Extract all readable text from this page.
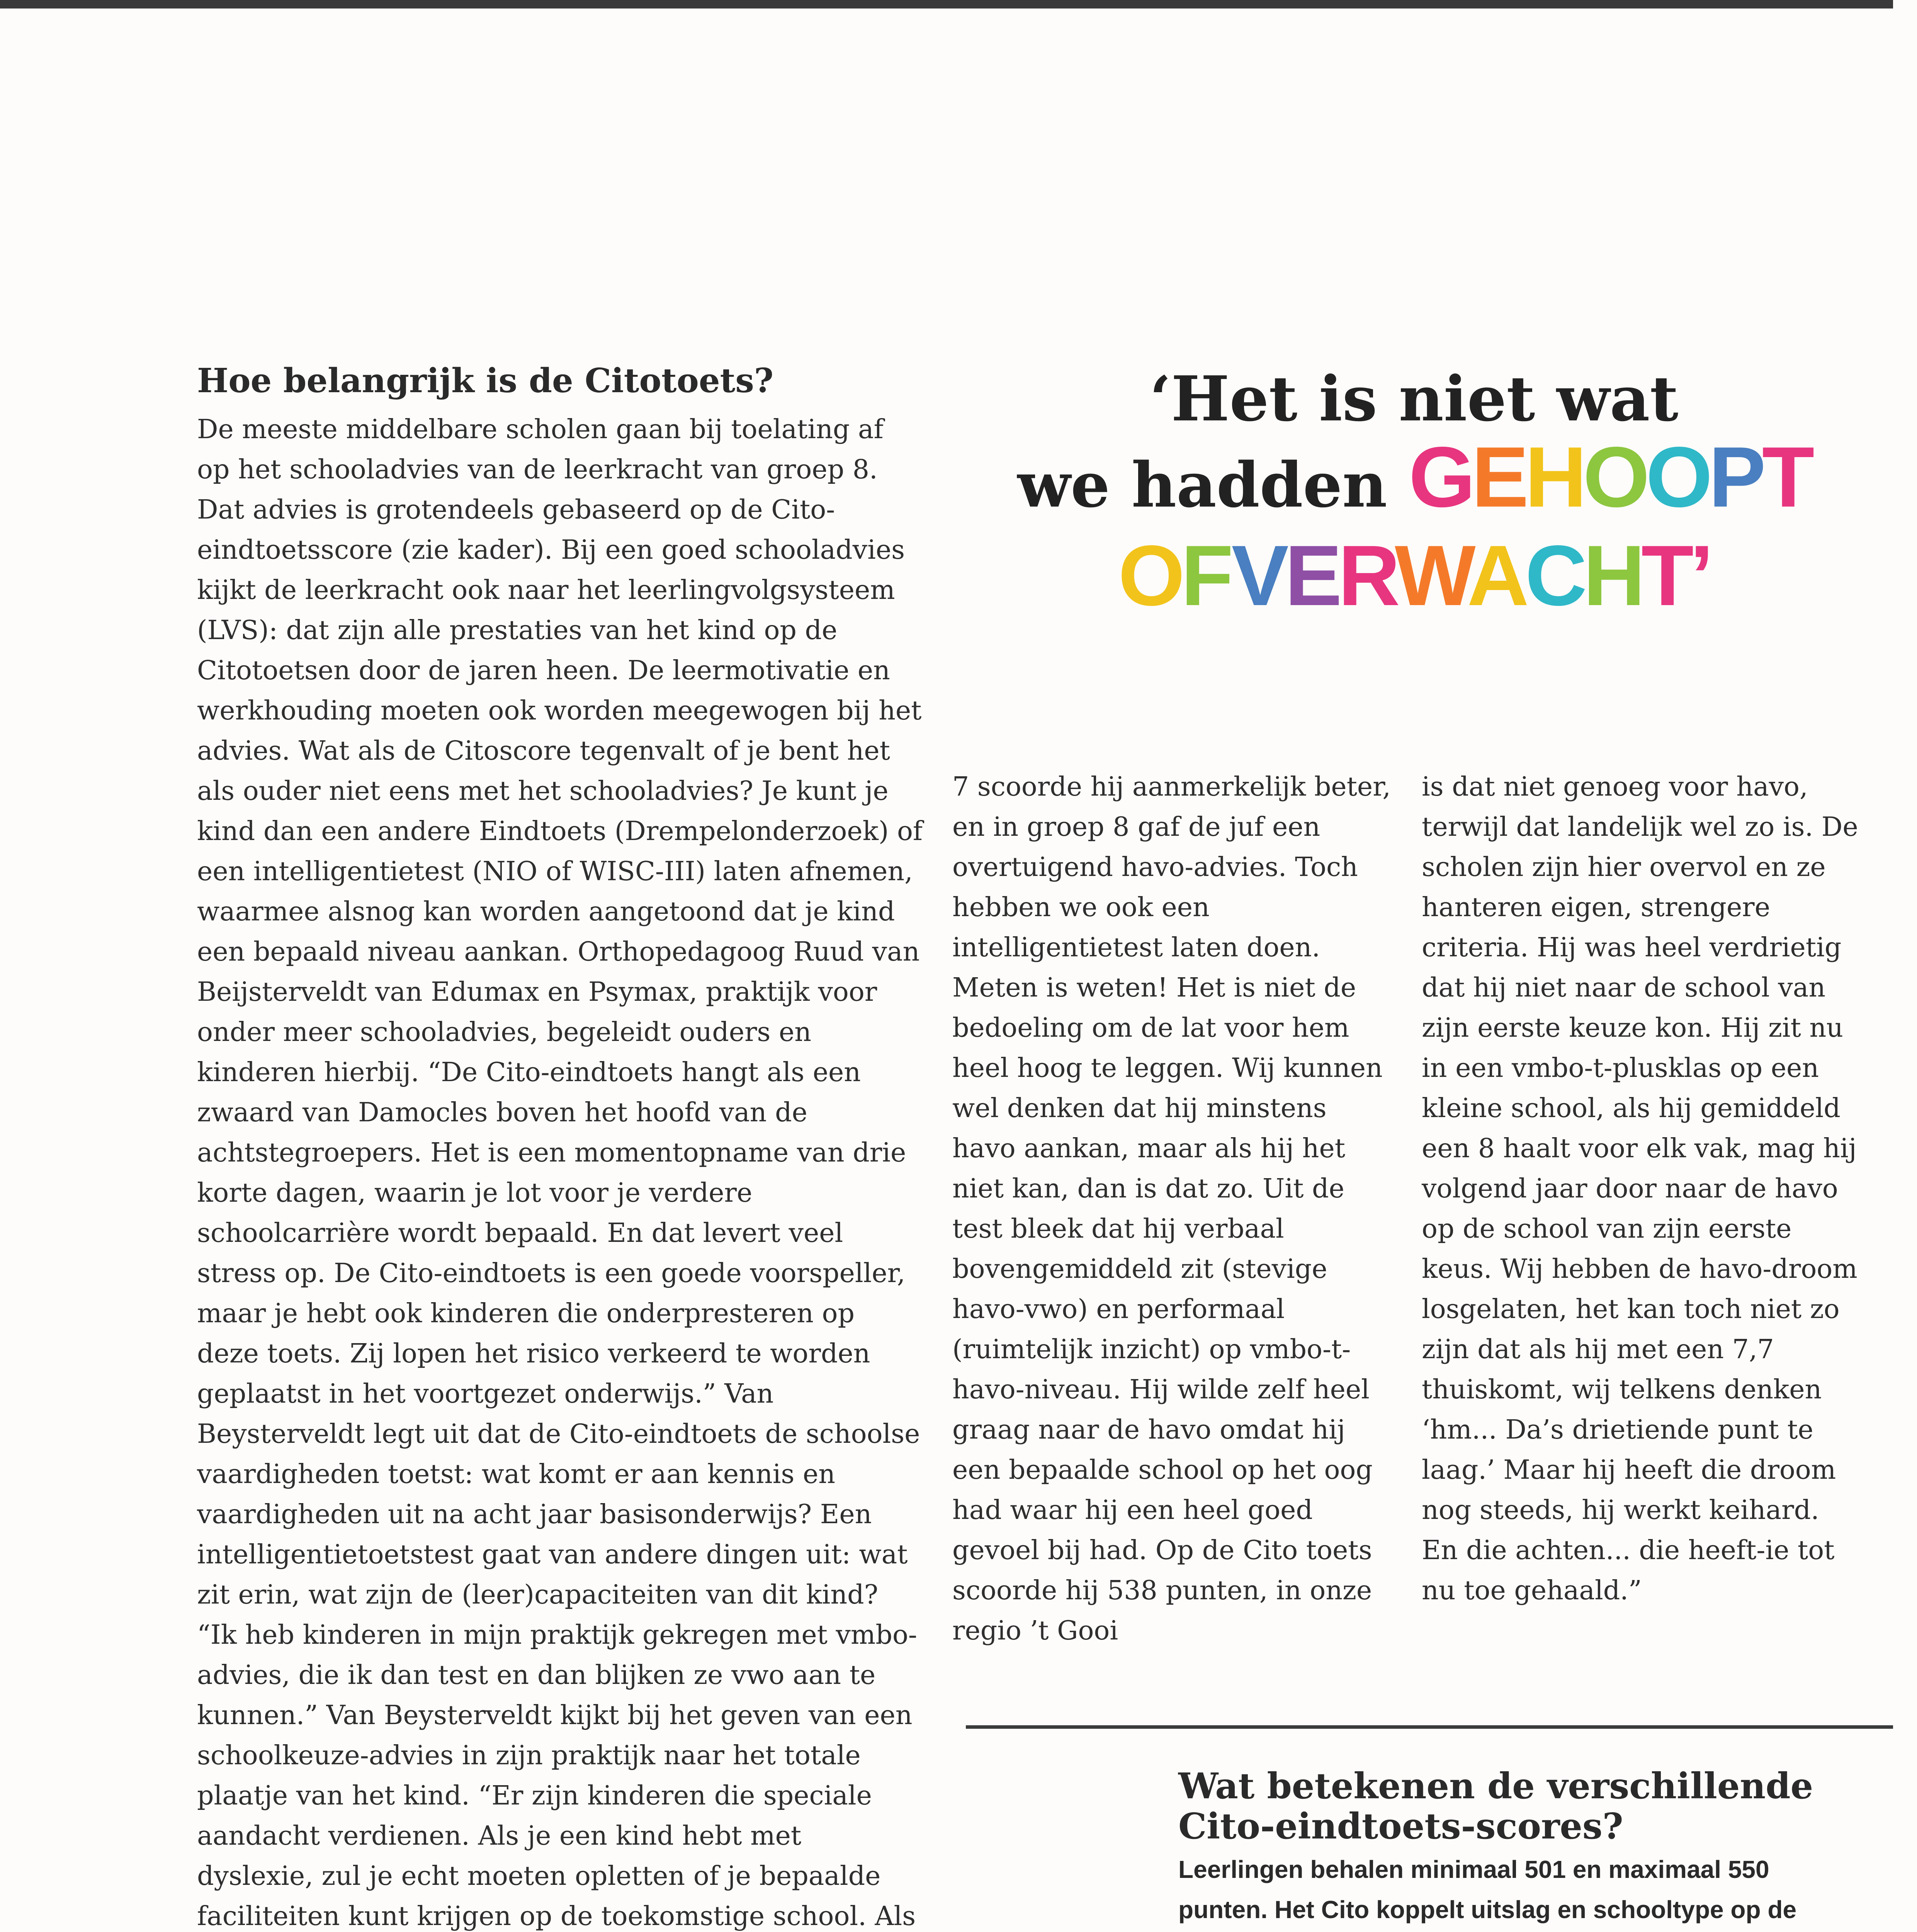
Hoe belangrijk is de Citotoets?

De meeste middelbare scholen gaan bij toelating af op het schooladvies van de leerkracht van groep 8. Dat advies is grotendeels gebaseerd op de Cito-eindtoetsscore (zie kader). Bij een goed schooladvies kijkt de leerkracht ook naar het leerlingvolgsysteem (LVS): dat zijn alle prestaties van het kind op de Citotoetsen door de jaren heen. De leermotivatie en werkhouding moeten ook worden meegewogen bij het advies. Wat als de Citoscore tegenvalt of je bent het als ouder niet eens met het schooladvies? Je kunt je kind dan een andere Eindtoets (Drempelonderzoek) of een intelligentietest (NIO of WISC-III) laten afnemen, waarmee alsnog kan worden aangetoond dat je kind een bepaald niveau aankan. Orthopedagoog Ruud van Beijsterveldt van Edumax en Psymax, praktijk voor onder meer schooladvies, begeleidt ouders en kinderen hierbij. “De Cito-eindtoets hangt als een zwaard van Damocles boven het hoofd van de achtstegroepers. Het is een momentopname van drie korte dagen, waarin je lot voor je verdere schoolcarrière wordt bepaald. En dat levert veel stress op. De Cito-eindtoets is een goede voorspeller, maar je hebt ook kinderen die onderpresteren op deze toets. Zij lopen het risico verkeerd te worden geplaatst in het voortgezet onderwijs.” Van Beysterveldt legt uit dat de Cito-eindtoets de schoolse vaardigheden toetst: wat komt er aan kennis en vaardigheden uit na acht jaar basisonderwijs? Een intelligentietoetstest gaat van andere dingen uit: wat zit erin, wat zijn de (leer)capaciteiten van dit kind? “Ik heb kinderen in mijn praktijk gekregen met vmbo-advies, die ik dan test en dan blijken ze vwo aan te kunnen.” Van Beysterveldt kijkt bij het geven van een schoolkeuze-advies in zijn praktijk naar het totale plaatje van het kind. “Er zijn kinderen die speciale aandacht verdienen. Als je een kind hebt met dyslexie, zul je echt moeten opletten of je bepaalde faciliteiten kunt krijgen op de toekomstige school. Als

‘Het is niet wat
we hadden GEHOOPT
OF VERWACHT’

7 scoorde hij aanmerkelijk beter, en in groep 8 gaf de juf een overtuigend havo-advies. Toch hebben we ook een intelligentietest laten doen. Meten is weten! Het is niet de bedoeling om de lat voor hem heel hoog te leggen. Wij kunnen wel denken dat hij minstens havo aankan, maar als hij het niet kan, dan is dat zo. Uit de test bleek dat hij verbaal bovengemiddeld zit (stevige havo-vwo) en performaal (ruimtelijk inzicht) op vmbo-t-havo-niveau. Hij wilde zelf heel graag naar de havo omdat hij een bepaalde school op het oog had waar hij een heel goed gevoel bij had. Op de Cito toets scoorde hij 538 punten, in onze regio ’t Gooi

is dat niet genoeg voor havo, terwijl dat landelijk wel zo is. De scholen zijn hier overvol en ze hanteren eigen, strengere criteria. Hij was heel verdrietig dat hij niet naar de school van zijn eerste keuze kon. Hij zit nu in een vmbo-t-plusklas op een kleine school, als hij gemiddeld een 8 haalt voor elk vak, mag hij volgend jaar door naar de havo op de school van zijn eerste keus. Wij hebben de havo-droom losgelaten, het kan toch niet zo zijn dat als hij met een 7,7 thuiskomt, wij telkens denken ‘hm... Da’s drietiende punt te laag.’ Maar hij heeft die droom nog steeds, hij werkt keihard. En die achten... die heeft-ie tot nu toe gehaald.”

Wat betekenen de verschillende
Cito-eindtoets-scores?

Leerlingen behalen minimaal 501 en maximaal 550 punten. Het Cito koppelt uitslag en schooltype op de
